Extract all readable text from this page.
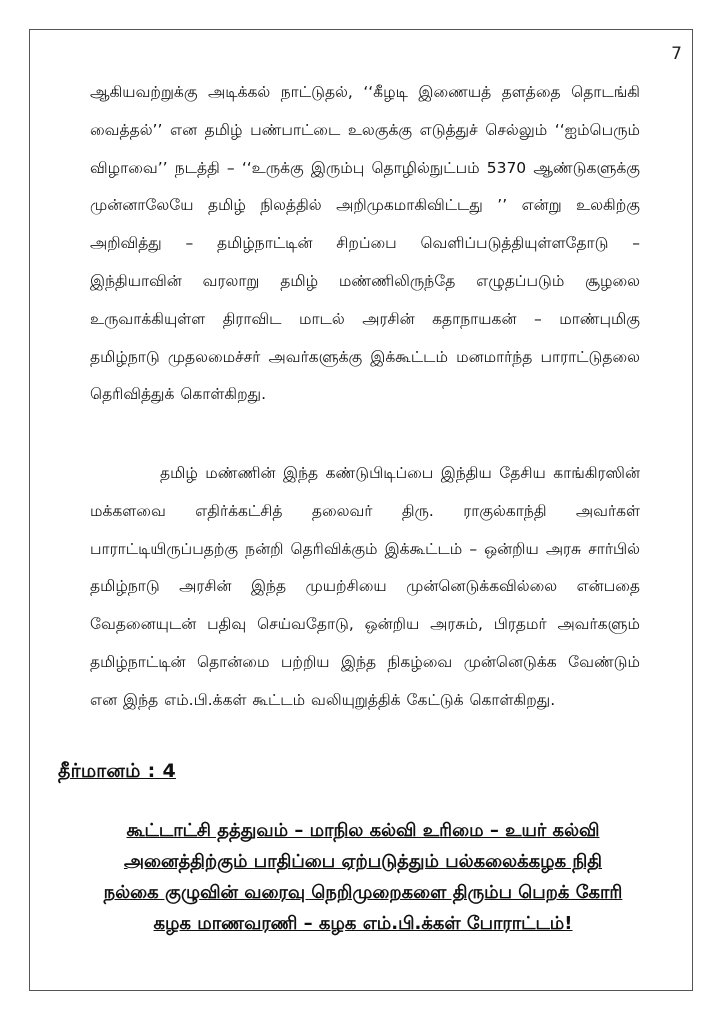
7

ஆகியவற்றுக்கு அடிக்கல் நாட்டுதல், ‘‘கீழடி இணையத் தளத்தை தொடங்கி வைத்தல்’’ என தமிழ் பண்பாட்டை உலகுக்கு எடுத்துச் செல்லும் ‘‘ஐம்பெரும் விழாவை’’ நடத்தி – ‘‘உருக்கு இரும்பு தொழில்நுட்பம் 5370 ஆண்டுகளுக்கு முன்னாலேயே தமிழ் நிலத்தில் அறிமுகமாகிவிட்டது ’’ என்று உலகிற்கு அறிவித்து – தமிழ்நாட்டின் சிறப்பை வெளிப்படுத்தியுள்ளதோடு – இந்தியாவின் வரலாறு தமிழ் மண்ணிலிருந்தே எழுதப்படும் சூழலை உருவாக்கியுள்ள திராவிட மாடல் அரசின் கதாநாயகன் – மாண்புமிகு தமிழ்நாடு முதலமைச்சர் அவர்களுக்கு இக்கூட்டம் மனமார்ந்த பாராட்டுதலை தெரிவித்துக் கொள்கிறது.

தமிழ் மண்ணின் இந்த கண்டுபிடிப்பை இந்திய தேசிய காங்கிரஸின் மக்களவை எதிர்க்கட்சித் தலைவர் திரு. ராகுல்காந்தி அவர்கள் பாராட்டியிருப்பதற்கு நன்றி தெரிவிக்கும் இக்கூட்டம் – ஒன்றிய அரசு சார்பில் தமிழ்நாடு அரசின் இந்த முயற்சியை முன்னெடுக்கவில்லை என்பதை வேதனையுடன் பதிவு செய்வதோடு, ஒன்றிய அரசும், பிரதமர் அவர்களும் தமிழ்நாட்டின் தொன்மை பற்றிய இந்த நிகழ்வை முன்னெடுக்க வேண்டும் என இந்த எம்.பி.க்கள் கூட்டம் வலியுறுத்திக் கேட்டுக் கொள்கிறது.

தீர்மானம் : 4

கூட்டாட்சி தத்துவம் – மாநில கல்வி உரிமை – உயர் கல்வி அனைத்திற்கும் பாதிப்பை ஏற்படுத்தும் பல்கலைக்கழக நிதி நல்கை குழுவின் வரைவு நெறிமுறைகளை திரும்ப பெறக் கோரி கழக மாணவரணி – கழக எம்.பி.க்கள் போராட்டம்!
